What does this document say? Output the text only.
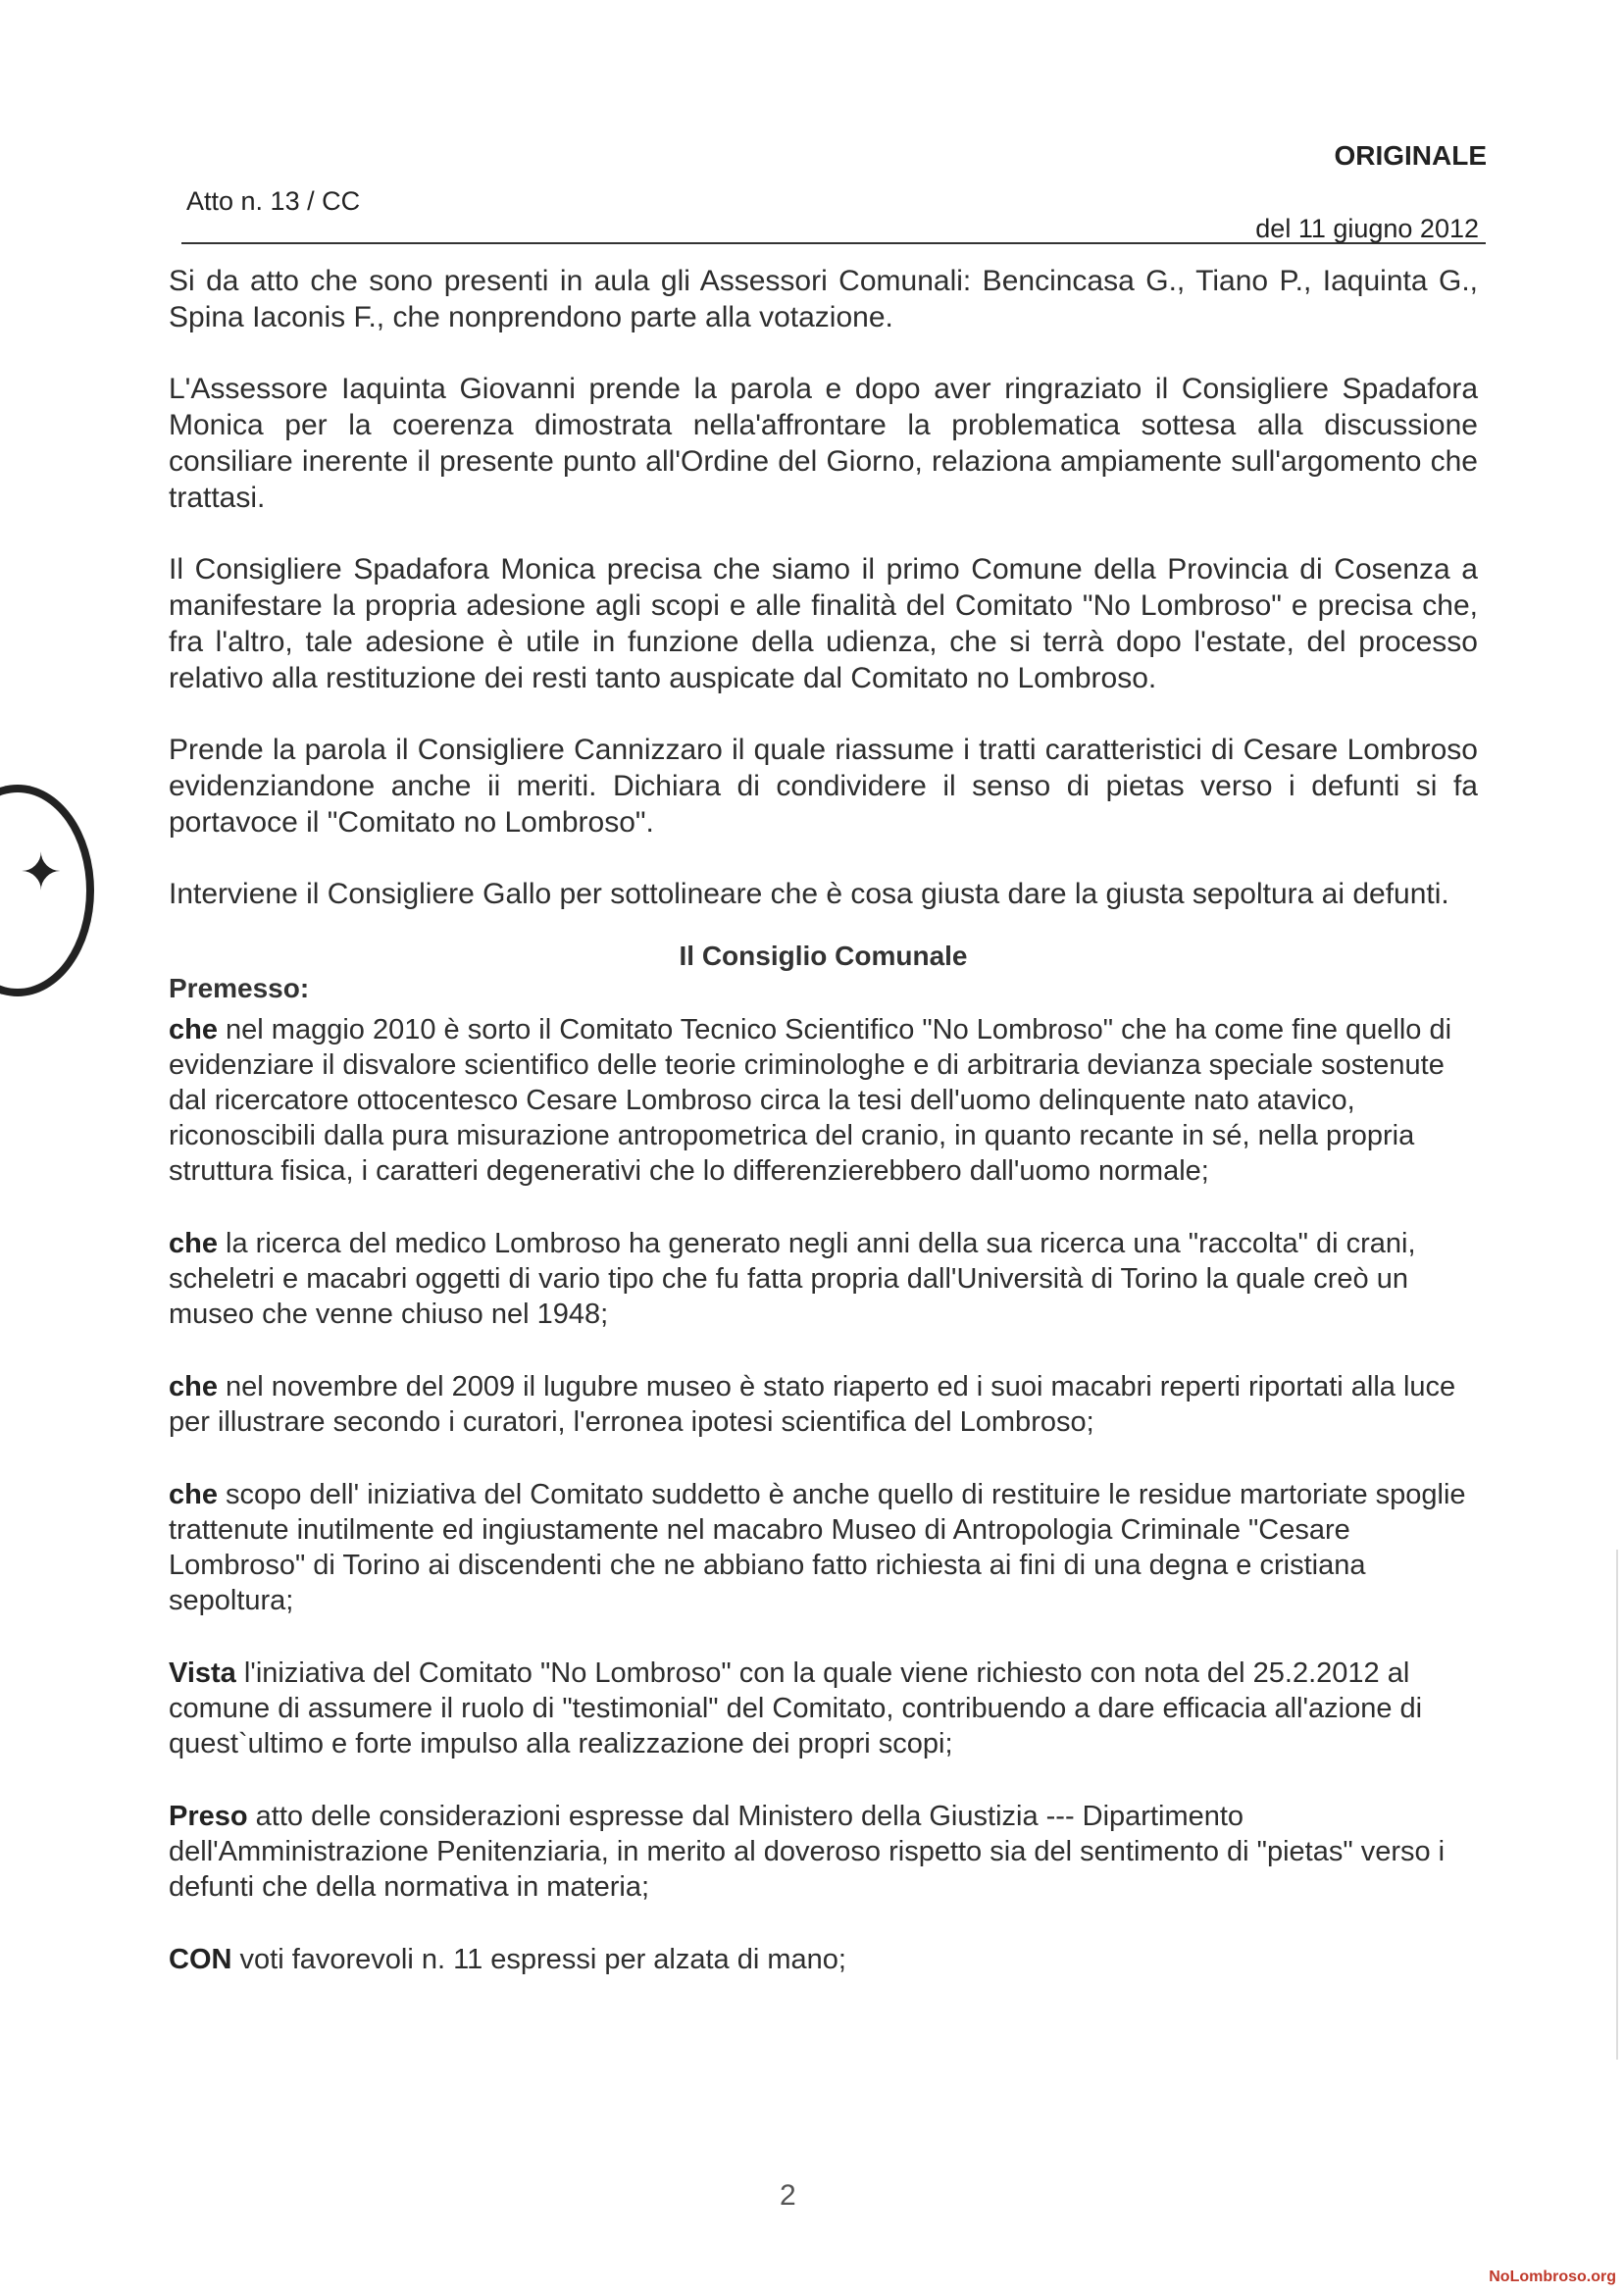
ORIGINALE
Atto n. 13 / CC
del 11 giugno 2012
✦

Si da atto che sono presenti in aula gli Assessori Comunali: Bencincasa G., Tiano P., Iaquinta G., Spina Iaconis F., che nonprendono parte alla votazione.

L'Assessore Iaquinta Giovanni prende la parola e dopo aver ringraziato il Consigliere Spadafora Monica per la coerenza dimostrata nella'affrontare la problematica sottesa alla discussione consiliare inerente il presente punto all'Ordine del Giorno, relaziona ampiamente sull'argomento che trattasi.

Il Consigliere Spadafora Monica precisa che siamo il primo Comune della Provincia di Cosenza a manifestare la propria adesione agli scopi e alle finalità del Comitato "No Lombroso" e precisa che, fra l'altro, tale adesione è utile in funzione della udienza, che si terrà dopo l'estate, del processo relativo alla restituzione dei resti tanto auspicate dal Comitato no Lombroso.

Prende la parola il Consigliere Cannizzaro il quale riassume i tratti caratteristici di Cesare Lombroso evidenziandone anche ii meriti. Dichiara di condividere il senso di pietas verso i defunti si fa portavoce il "Comitato no Lombroso".

Interviene il Consigliere Gallo per sottolineare che è cosa giusta dare la giusta sepoltura ai defunti.

Il Consiglio Comunale
Premesso:
che nel maggio 2010 è sorto il Comitato Tecnico Scientifico "No Lombroso" che ha come fine quello di evidenziare il disvalore scientifico delle teorie criminologhe e di arbitraria devianza speciale sostenute dal ricercatore ottocentesco Cesare Lombroso circa la tesi dell'uomo delinquente nato atavico, riconoscibili dalla pura misurazione antropometrica del cranio, in quanto recante in sé, nella propria struttura fisica, i caratteri degenerativi che lo differenzierebbero dall'uomo normale;
che la ricerca del medico Lombroso ha generato negli anni della sua ricerca una "raccolta" di crani, scheletri e macabri oggetti di vario tipo che fu fatta propria dall'Università di Torino la quale creò un museo che venne chiuso nel 1948;
che nel novembre del 2009 il lugubre museo è stato riaperto ed i suoi macabri reperti riportati alla luce per illustrare secondo i curatori, l'erronea ipotesi scientifica del Lombroso;
che scopo dell' iniziativa del Comitato suddetto è anche quello di restituire le residue martoriate spoglie trattenute inutilmente ed ingiustamente nel macabro Museo di Antropologia Criminale "Cesare Lombroso" di Torino ai discendenti che ne abbiano fatto richiesta ai fini di una degna e cristiana sepoltura;
Vista l'iniziativa del Comitato "No Lombroso" con la quale viene richiesto con nota del 25.2.2012 al comune di assumere il ruolo di "testimonial" del Comitato, contribuendo a dare efficacia all'azione di quest`ultimo e forte impulso alla realizzazione dei propri scopi;
Preso atto delle considerazioni espresse dal Ministero della Giustizia --- Dipartimento dell'Amministrazione Penitenziaria, in merito al doveroso rispetto sia del sentimento di "pietas" verso i defunti che della normativa in materia;
CON voti favorevoli n. 11 espressi per alzata di mano;
2
NoLombroso.org
